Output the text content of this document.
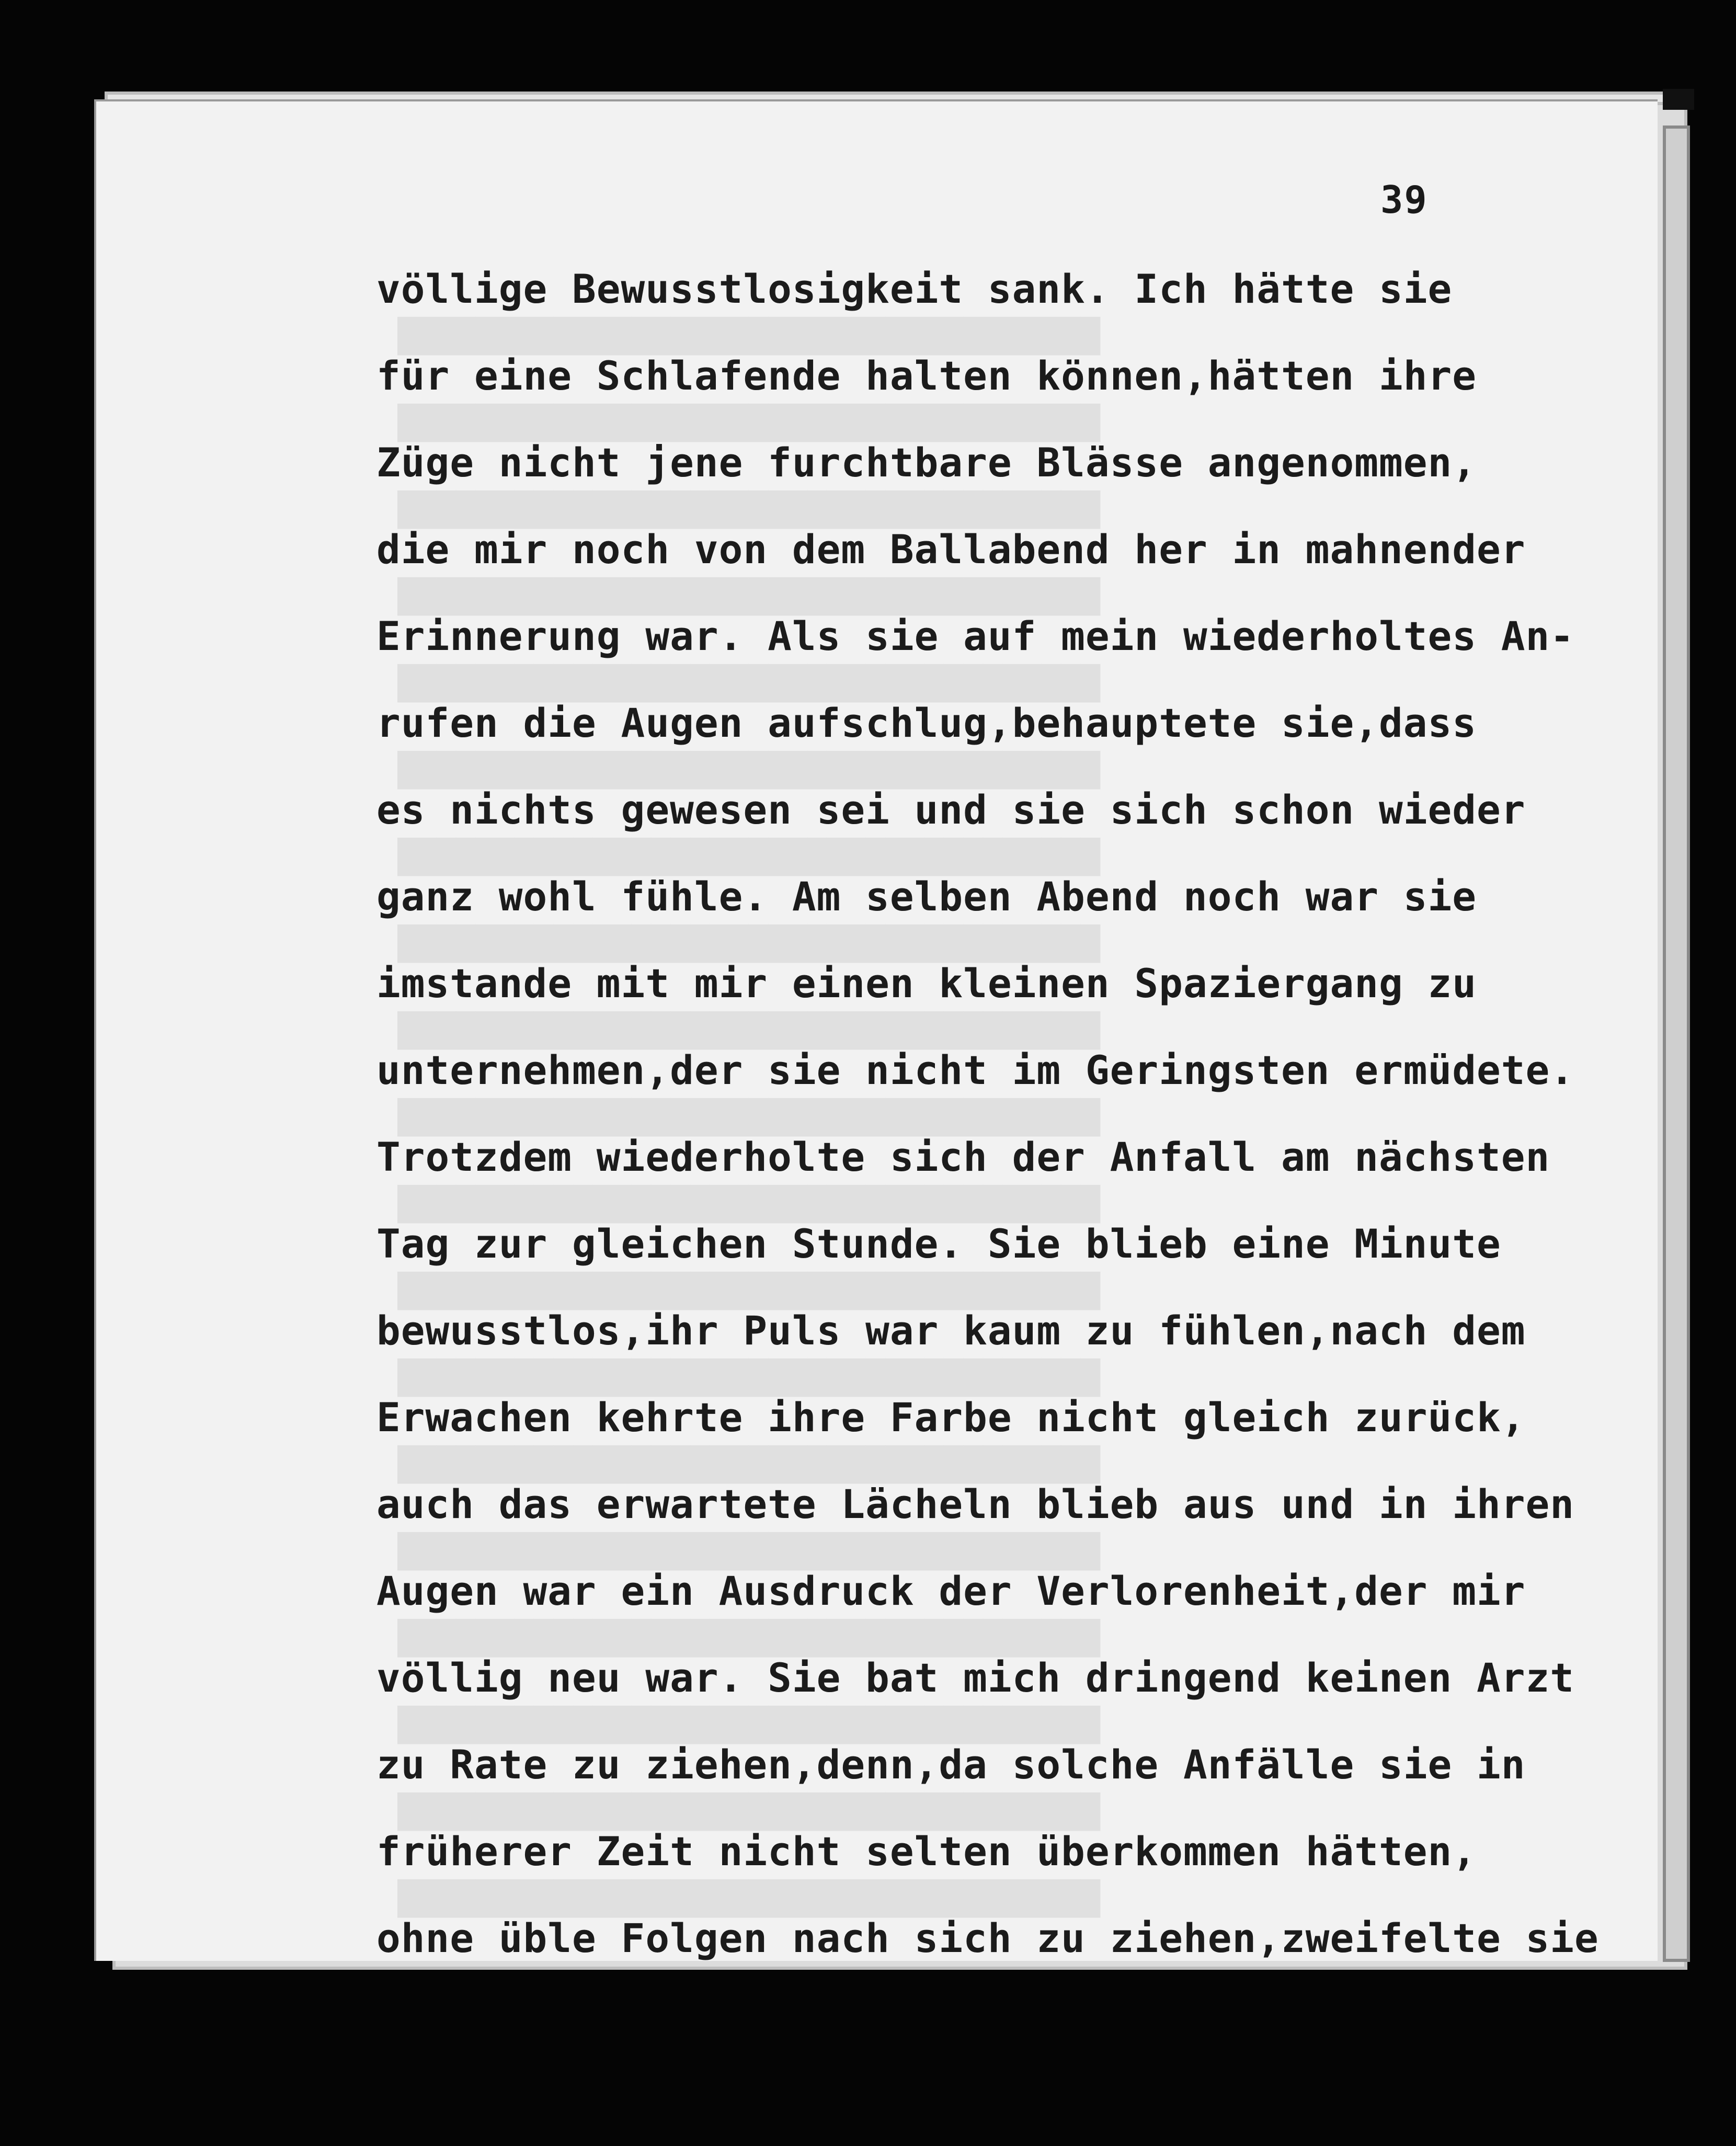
39
████████████████████████████████████
████████████████████████████████████
████████████████████████████████████
████████████████████████████████████
████████████████████████████████████
████████████████████████████████████
████████████████████████████████████
████████████████████████████████████
████████████████████████████████████
████████████████████████████████████
████████████████████████████████████
████████████████████████████████████
████████████████████████████████████
████████████████████████████████████
████████████████████████████████████
████████████████████████████████████
████████████████████████████████████
████████████████████████████████████
████████████████████████████████████
völlige Bewusstlosigkeit sank. Ich hätte sie
für eine Schlafende halten können,hätten ihre
Züge nicht jene furchtbare Blässe angenommen,
die mir noch von dem Ballabend her in mahnender
Erinnerung war. Als sie auf mein wiederholtes An-
rufen die Augen aufschlug,behauptete sie,dass
es nichts gewesen sei und sie sich schon wieder
ganz wohl fühle. Am selben Abend noch war sie
imstande mit mir einen kleinen Spaziergang zu
unternehmen,der sie nicht im Geringsten ermüdete.
Trotzdem wiederholte sich der Anfall am nächsten
Tag zur gleichen Stunde. Sie blieb eine Minute
bewusstlos,ihr Puls war kaum zu fühlen,nach dem
Erwachen kehrte ihre Farbe nicht gleich zurück,
auch das erwartete Lächeln blieb aus und in ihren
Augen war ein Ausdruck der Verlorenheit,der mir
völlig neu war. Sie bat mich dringend keinen Arzt
zu Rate zu ziehen,denn,da solche Anfälle sie in
früherer Zeit nicht selten überkommen hätten,
ohne üble Folgen nach sich zu ziehen,zweifelte sie
